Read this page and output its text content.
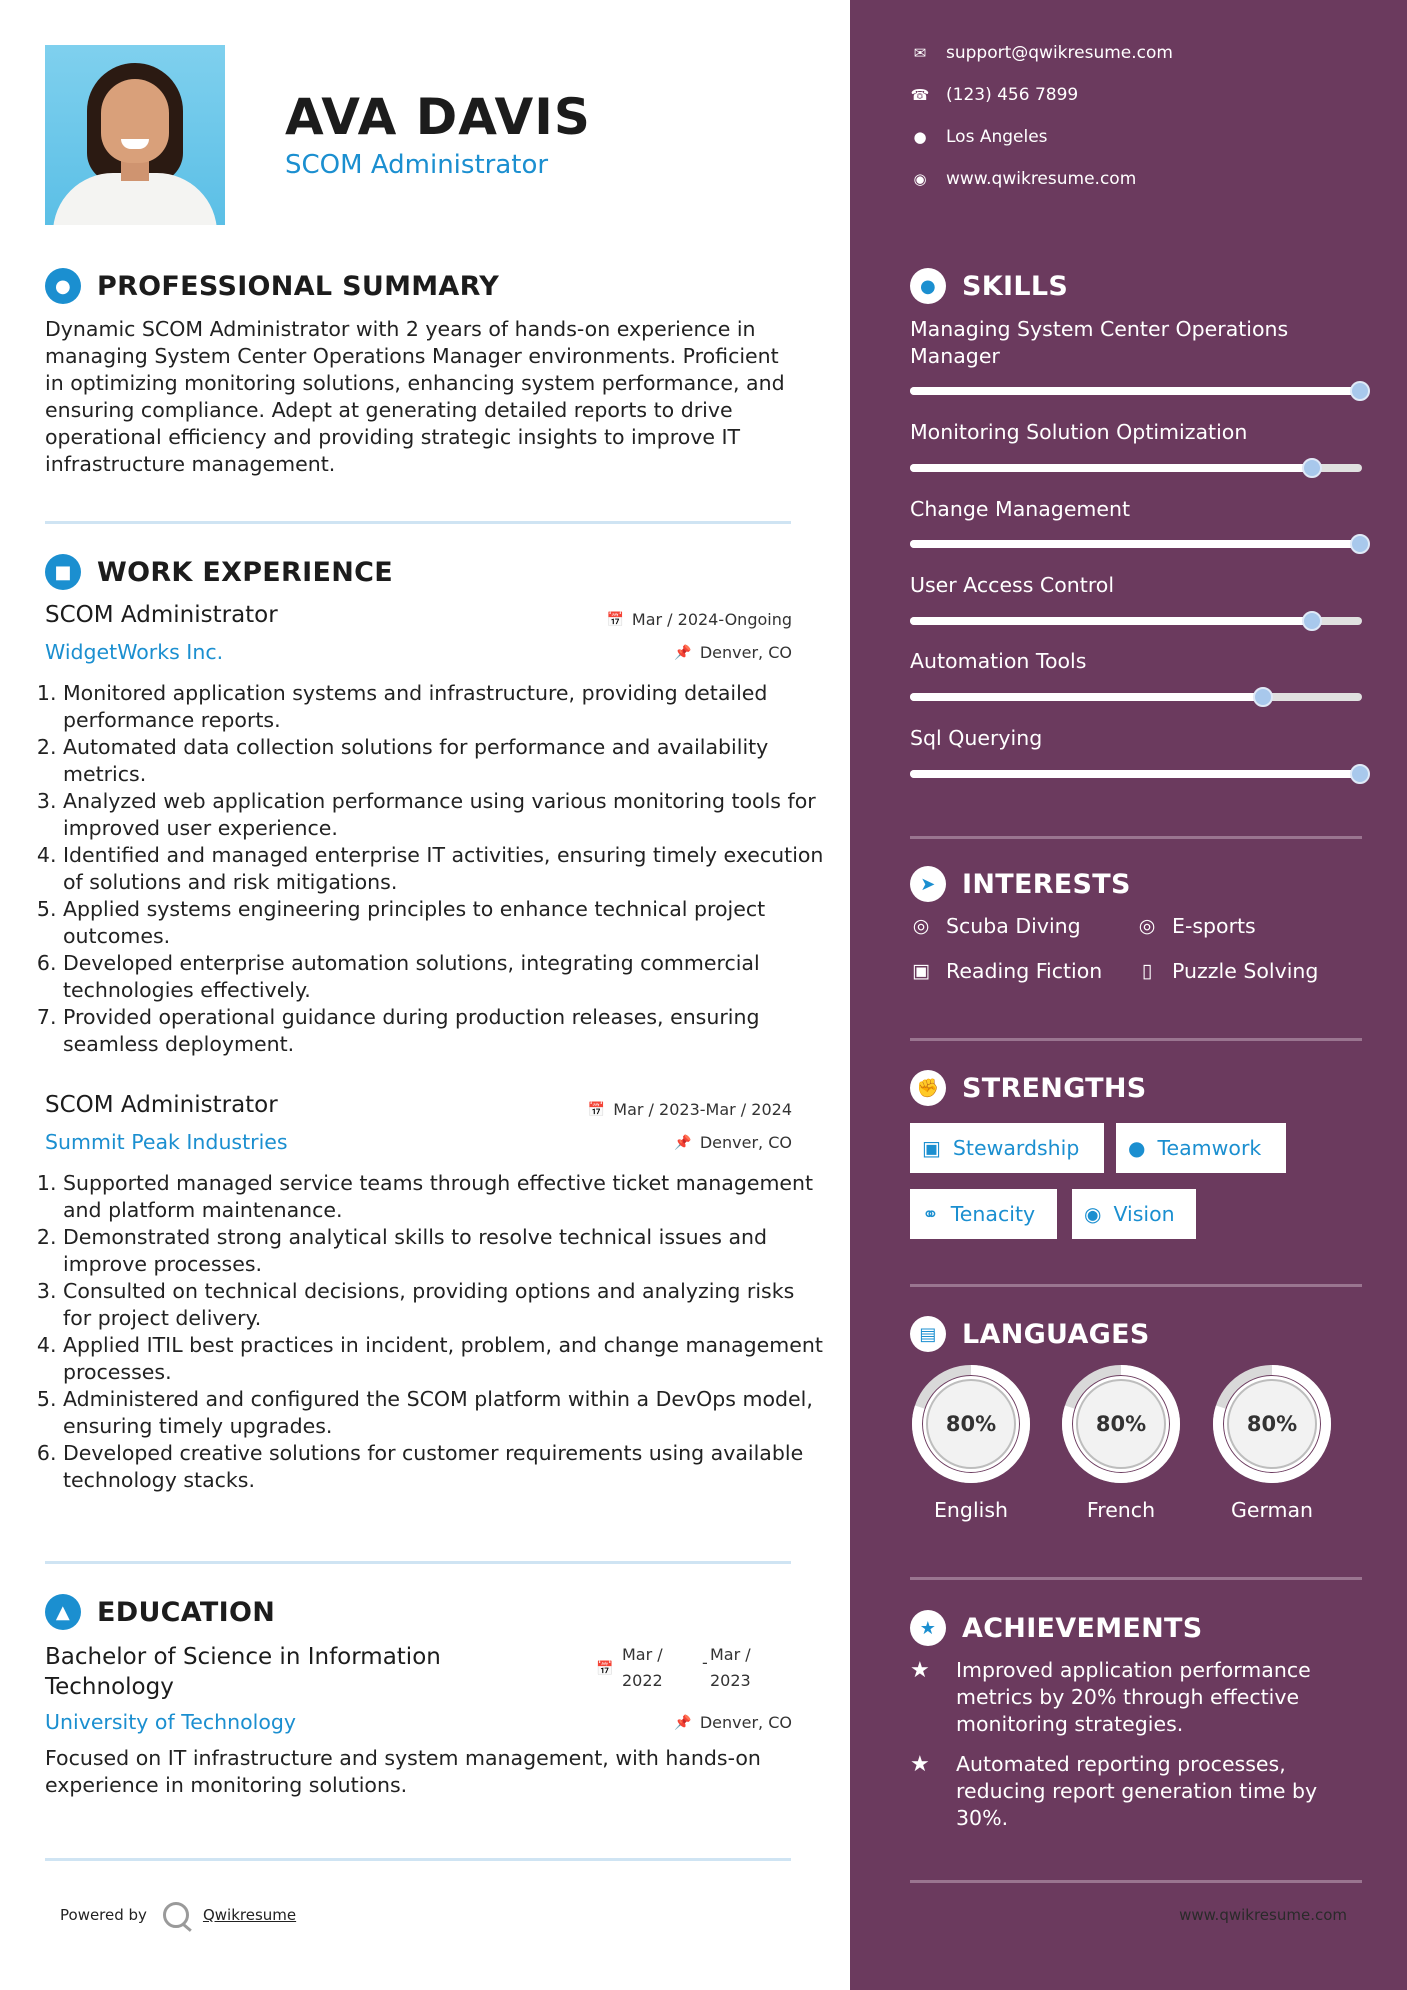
AVA DAVIS
SCOM Administrator
● PROFESSIONAL SUMMARY
Dynamic SCOM Administrator with 2 years of hands-on experience in managing System Center Operations Manager environments. Proficient in optimizing monitoring solutions, enhancing system performance, and ensuring compliance. Adept at generating detailed reports to drive operational efficiency and providing strategic insights to improve IT infrastructure management.
■ WORK EXPERIENCE
SCOM Administrator	📅 Mar / 2024-Ongoing
WidgetWorks Inc.	📌 Denver, CO
1. Monitored application systems and infrastructure, providing detailed performance reports.
2. Automated data collection solutions for performance and availability metrics.
3. Analyzed web application performance using various monitoring tools for improved user experience.
4. Identified and managed enterprise IT activities, ensuring timely execution of solutions and risk mitigations.
5. Applied systems engineering principles to enhance technical project outcomes.
6. Developed enterprise automation solutions, integrating commercial technologies effectively.
7. Provided operational guidance during production releases, ensuring seamless deployment.
SCOM Administrator	📅 Mar / 2023-Mar / 2024
Summit Peak Industries	📌 Denver, CO
1. Supported managed service teams through effective ticket management and platform maintenance.
2. Demonstrated strong analytical skills to resolve technical issues and improve processes.
3. Consulted on technical decisions, providing options and analyzing risks for project delivery.
4. Applied ITIL best practices in incident, problem, and change management processes.
5. Administered and configured the SCOM platform within a DevOps model, ensuring timely upgrades.
6. Developed creative solutions for customer requirements using available technology stacks.
▲ EDUCATION
Bachelor of Science in Information Technology
📅
Mar /
2022
- Mar /
2023
University of Technology	📌 Denver, CO
Focused on IT infrastructure and system management, with hands-on experience in monitoring solutions.
Powered by	Qwikresume
✉ support@qwikresume.com
☎ (123) 456 7899
● Los Angeles
◉ www.qwikresume.com
● SKILLS
Managing System Center Operations Manager
Monitoring Solution Optimization
Change Management
User Access Control
Automation Tools
Sql Querying
➤ INTERESTS
◎ Scuba Diving	◎ E-sports
▣ Reading Fiction	▯ Puzzle Solving
✊ STRENGTHS
▣ Stewardship ● Teamwork
⚭ Tenacity ◉ Vision
▤ LANGUAGES
80%
English
80%
French
80%
German
★ ACHIEVEMENTS
★	Improved application performance metrics by 20% through effective monitoring strategies.
★	Automated reporting processes, reducing report generation time by 30%.
www.qwikresume.com
